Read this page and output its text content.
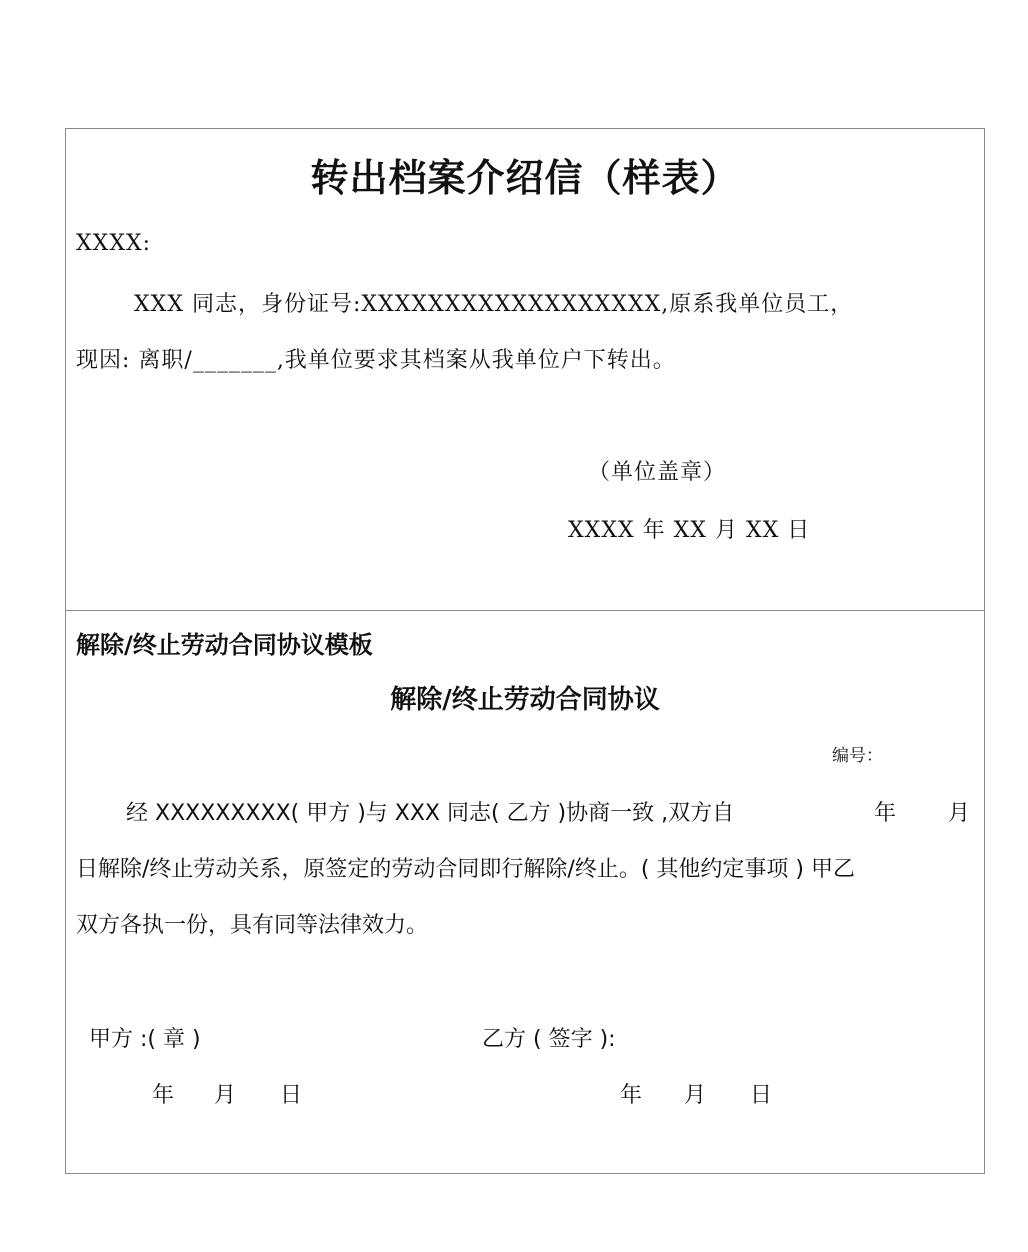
转出档案介绍信（样表）
XXXX:
XXX 同志，身份证号:XXXXXXXXXXXXXXXXXX,原系我单位员工，
现因: 离职/_______,我单位要求其档案从我单位户下转出。
（单位盖章）
XXXX 年 XX 月 XX 日
解除/终止劳动合同协议模板
解除/终止劳动合同协议
编号：
经 XXXXXXXXX( 甲方 )与 XXX 同志( 乙方 )协商一致 ,双方自	年 月
日解除/终止劳动关系，原签定的劳动合同即行解除/终止。( 其他约定事项 ) 甲乙
双方各执一份，具有同等法律效力。
甲方 :( 章 )	乙方 ( 签字 ):
年 月 日	年 月 日
